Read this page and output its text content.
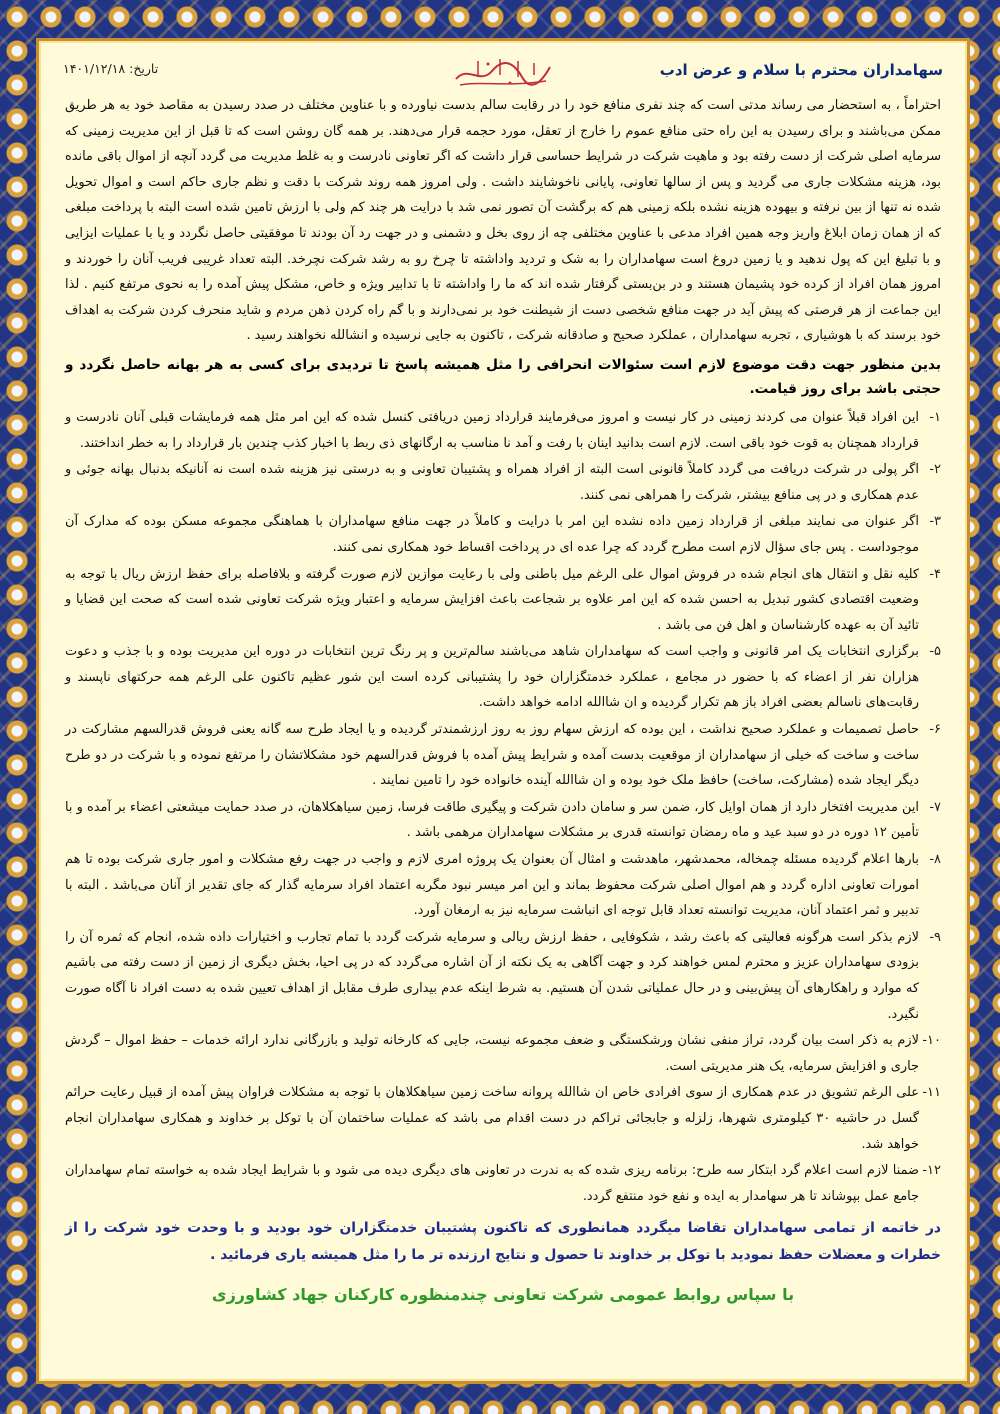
سهامداران محترم با سلام و عرض ادب
تاریخ: ۱۴۰۱/۱۲/۱۸

احتراماً ، به استحضار می رساند مدتی است که چند نفری منافع خود را در رقابت سالم بدست نیاورده و با عناوین مختلف در صدد رسیدن به مقاصد خود به هر طریق ممکن می‌باشند و برای رسیدن به این راه حتی منافع عموم را خارج از تعقل، مورد حجمه قرار می‌دهند. بر همه گان روشن است که تا قبل از این مدیریت زمینی که سرمایه اصلی شرکت از دست رفته بود و ماهیت شرکت در شرایط حساسی قرار داشت که اگر تعاونی نادرست و به غلط مدیریت می گردد آنچه از اموال باقی مانده بود، هزینه مشکلات جاری می گردید و پس از سالها تعاونی، پایانی ناخوشایند داشت . ولی امروز همه روند شرکت با دقت و نظم جاری حاکم است و اموال تحویل شده نه تنها از بین نرفته و بیهوده هزینه نشده بلکه زمینی هم که برگشت آن تصور نمی شد با درایت هر چند کم ولی با ارزش تامین شده است البته با پرداخت مبلغی که از همان زمان ابلاغ واریز وجه همین افراد مدعی با عناوین مختلفی چه از روی بخل و دشمنی و در جهت رد آن بودند تا موفقیتی حاصل نگردد و یا با عملیات ایزایی و با تبلیغ این که پول ندهید و یا زمین دروغ است سهامداران را به شک و تردید واداشته تا چرخ رو به رشد شرکت نچرخد. البته تعداد غریبی فریب آنان را خوردند و امروز همان افراد از کرده خود پشیمان هستند و در بن‌بستی گرفتار شده اند که ما را واداشته تا با تدابیر ویژه و خاص، مشکل پیش آمده را به نحوی مرتفع کنیم . لذا این جماعت از هر فرصتی که پیش آید در جهت منافع شخصی دست از شیطنت خود بر نمی‌دارند و با گم راه کردن ذهن مردم و شاید منحرف کردن شرکت به اهداف خود برسند که با هوشیاری ، تجربه سهامداران ، عملکرد صحیح و صادقانه شرکت ، تاکنون به جایی نرسیده و انشالله نخواهند رسید .

بدین منظور جهت دقت موضوع لازم است سئوالات انحرافی را مثل همیشه پاسخ تا تردیدی برای کسی به هر بهانه حاصل نگردد و حجتی باشد برای روز قیامت.

۱-
این افراد قبلاً عنوان می کردند زمینی در کار نیست و امروز می‌فرمایند قرارداد زمین دریافتی کنسل شده که این امر مثل همه فرمایشات قبلی آنان نادرست و قرارداد همچنان به قوت خود باقی است. لازم است بدانید اینان با رفت و آمد نا مناسب به ارگانهای ذی ربط با اخبار کذب چندین بار قرارداد را به خطر انداختند.
۲-
اگر پولی در شرکت دریافت می گردد کاملاً قانونی است البته از افراد همراه و پشتیبان تعاونی و به درستی نیز هزینه شده است نه آنانیکه بدنبال بهانه جوئی و عدم همکاری و در پی منافع بیشتر، شرکت را همراهی نمی کنند.
۳-
اگر عنوان می نمایند مبلغی از قرارداد زمین داده نشده این امر با درایت و کاملاً در جهت منافع سهامداران با هماهنگی مجموعه مسکن بوده که مدارک آن موجوداست . پس جای سؤال لازم است مطرح گردد که چرا عده ای در پرداخت اقساط خود همکاری نمی کنند.
۴-
کلیه نقل و انتقال های انجام شده در فروش اموال علی الرغم میل باطنی ولی با رعایت موازین لازم صورت گرفته و بلافاصله برای حفظ ارزش ریال با توجه به وضعیت اقتصادی کشور تبدیل به احسن شده که این امر علاوه بر شجاعت باعث افزایش سرمایه و اعتبار ویژه شرکت تعاونی شده است که صحت این قضایا و تائید آن به عهده کارشناسان و اهل فن می باشد .
۵-
برگزاری انتخابات یک امر قانونی و واجب است که سهامداران شاهد می‌باشند سالم‌ترین و پر رنگ ترین انتخابات در دوره این مدیریت بوده و با جذب و دعوت هزاران نفر از اعضاء که با حضور در مجامع ، عملکرد خدمتگزاران خود را پشتیبانی کرده است این شور عظیم تاکنون علی الرغم همه حرکتهای ناپسند و رقابت‌های ناسالم بعضی افراد باز هم تکرار گردیده و ان شاالله ادامه خواهد داشت.
۶-
حاصل تصمیمات و عملکرد صحیح نداشت ، این بوده که ارزش سهام روز به روز ارزشمندتر گردیده و یا ایجاد طرح سه گانه یعنی فروش قدرالسهم مشارکت در ساخت و ساخت که خیلی از سهامداران از موقعیت بدست آمده و شرایط پیش آمده با فروش قدرالسهم خود مشکلاتشان را مرتفع نموده و با شرکت در دو طرح دیگر ایجاد شده (مشارکت، ساخت) حافظ ملک خود بوده و ان شاالله آینده خانواده خود را تامین نمایند .
۷-
این مدیریت افتخار دارد از همان اوایل کار، ضمن سر و سامان دادن شرکت و پیگیری طاقت فرسا، زمین سیاهکلاهان، در صدد حمایت میشعتی اعضاء بر آمده و با تأمین ۱۲ دوره در دو سبد عید و ماه رمضان توانسته قدری بر مشکلات سهامداران مرهمی باشد .
۸-
بارها اعلام گردیده مسئله چمخاله، محمدشهر، ماهدشت و امثال آن بعنوان یک پروژه امری لازم و واجب در جهت رفع مشکلات و امور جاری شرکت بوده تا هم امورات تعاونی اداره گردد و هم اموال اصلی شرکت محفوظ بماند و این امر میسر نبود مگربه اعتماد افراد سرمایه گذار که جای تقدیر از آنان می‌باشد . البته با تدبیر و ثمر اعتماد آنان، مدیریت توانسته تعداد قابل توجه ای انباشت سرمایه نیز به ارمغان آورد.
۹-
لازم بذکر است هرگونه فعالیتی که باعث رشد ، شکوفایی ، حفظ ارزش ریالی و سرمایه شرکت گردد با تمام تجارب و اختیارات داده شده، انجام که ثمره آن را بزودی سهامداران عزیز و محترم لمس خواهند کرد و جهت آگاهی به یک نکته از آن اشاره می‌گردد که در پی احیا، بخش دیگری از زمین از دست رفته می باشیم که موارد و راهکارهای آن پیش‌بینی و در حال عملیاتی شدن آن هستیم. به شرط اینکه عدم بیداری طرف مقابل از اهداف تعیین شده به دست افراد نا آگاه صورت نگیرد.
۱۰-
لازم به ذکر است بیان گردد، تراز منفی نشان ورشکستگی و ضعف مجموعه نیست، جایی که کارخانه تولید و بازرگانی ندارد ارائه خدمات – حفظ اموال – گردش جاری و افزایش سرمایه، یک هنر مدیریتی است.
۱۱-
علی الرغم تشویق در عدم همکاری از سوی افرادی خاص ان شاالله پروانه ساخت زمین سیاهکلاهان با توجه به مشکلات فراوان پیش آمده از قبیل رعایت حرائم گسل در حاشیه ۳۰ کیلومتری شهرها، زلزله و جابجائی تراکم در دست اقدام می باشد که عملیات ساختمان آن با توکل بر خداوند و همکاری سهامداران انجام خواهد شد.
۱۲-
ضمنا لازم است اعلام گرد ابتکار سه طرح: برنامه ریزی شده که به ندرت در تعاونی های دیگری دیده می شود و با شرایط ایجاد شده به خواسته تمام سهامداران جامع عمل بپوشاند تا هر سهامدار به ایده و نفع خود منتفع گردد.

در خاتمه از تمامی سهامداران تقاضا میگردد همانطوری که تاکنون پشتیبان خدمتگزاران خود بودید و با وحدت خود شرکت را از خطرات و معضلات حفظ نمودید با توکل بر خداوند تا حصول و نتایج ارزنده تر ما را مثل همیشه یاری فرمائید .

با سپاس روابط عمومی شرکت تعاونی چندمنظوره کارکنان جهاد کشاورزی
